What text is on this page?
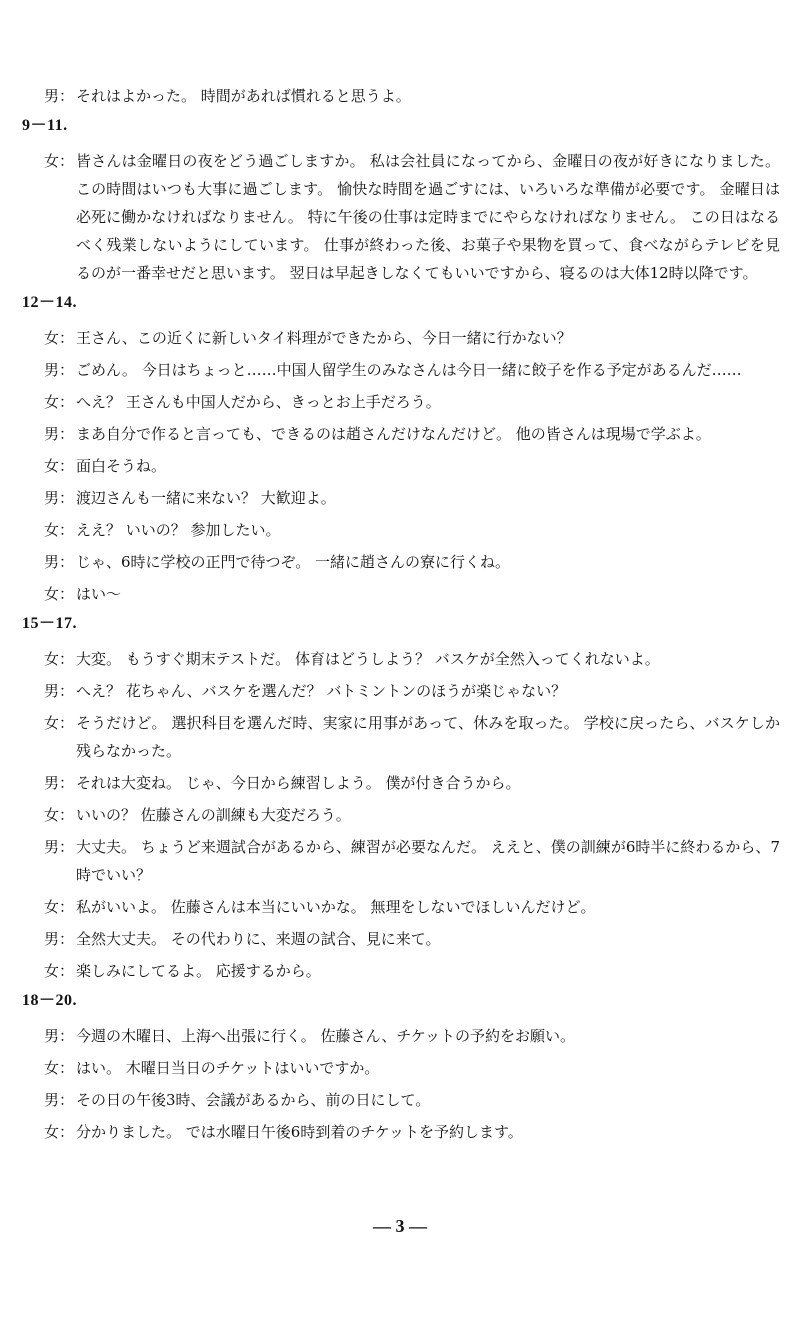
男： それはよかった。 時間があれば慣れると思うよ。
9－11.
女： 皆さんは金曜日の夜をどう過ごしますか。 私は会社員になってから、金曜日の夜が好きになりました。 この時間はいつも大事に過ごします。 愉快な時間を過ごすには、いろいろな準備が必要です。 金曜日は必死に働かなければなりません。 特に午後の仕事は定時までにやらなければなりません。 この日はなるべく残業しないようにしています。 仕事が終わった後、お菓子や果物を買って、食べながらテレビを見るのが一番幸せだと思います。 翌日は早起きしなくてもいいですから、寝るのは大体12時以降です。
12－14.
女： 王さん、この近くに新しいタイ料理ができたから、今日一緒に行かない？
男： ごめん。 今日はちょっと……中国人留学生のみなさんは今日一緒に餃子を作る予定があるんだ……
女： へえ？ 王さんも中国人だから、きっとお上手だろう。
男： まあ自分で作ると言っても、できるのは趙さんだけなんだけど。 他の皆さんは現場で学ぶよ。
女： 面白そうね。
男： 渡辺さんも一緒に来ない？ 大歓迎よ。
女： ええ？ いいの？ 参加したい。
男： じゃ、6時に学校の正門で待つぞ。 一緒に趙さんの寮に行くね。
女： はい～
15－17.
女： 大変。 もうすぐ期末テストだ。 体育はどうしよう？ バスケが全然入ってくれないよ。
男： へえ？ 花ちゃん、バスケを選んだ？ バトミントンのほうが楽じゃない？
女： そうだけど。 選択科目を選んだ時、実家に用事があって、休みを取った。 学校に戻ったら、バスケしか残らなかった。
男： それは大変ね。 じゃ、今日から練習しよう。 僕が付き合うから。
女： いいの？ 佐藤さんの訓練も大変だろう。
男： 大丈夫。 ちょうど来週試合があるから、練習が必要なんだ。 ええと、僕の訓練が6時半に終わるから、7時でいい？
女： 私がいいよ。 佐藤さんは本当にいいかな。 無理をしないでほしいんだけど。
男： 全然大丈夫。 その代わりに、来週の試合、見に来て。
女： 楽しみにしてるよ。 応援するから。
18－20.
男： 今週の木曜日、上海へ出張に行く。 佐藤さん、チケットの予約をお願い。
女： はい。 木曜日当日のチケットはいいですか。
男： その日の午後3時、会議があるから、前の日にして。
女： 分かりました。 では水曜日午後6時到着のチケットを予約します。
— 3 —
